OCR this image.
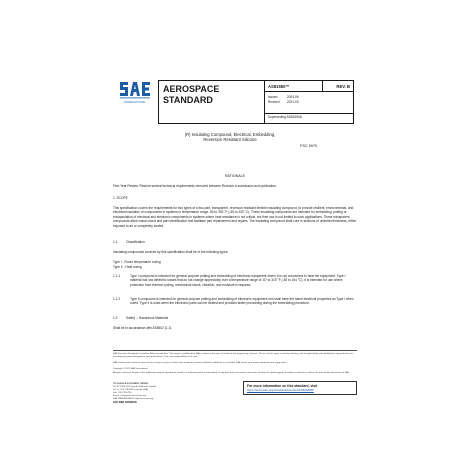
INTERNATIONAL
AEROSPACE
STANDARD
AS81550™	REV. B
Issued	2004-06
Revised 2021-03
Superseding AS81550A
(R) Insulating Compound, Electrical, Embedding,
Reversion Resistant Silicone
FSC 5970
RATIONALE
Five-Year Review. Restore several technical requirements removed between Revision A submission and publication.
1. SCOPE
This specification covers the requirements for two types of a two-part, transparent, reversion resistant flexible insulating compound, to provide resilient, environmental, and electrical insulation of components in systems in temperature range -80 to 392 °F (-65 to 200 °C). These insulating compounds are intended for embedding, potting or encapsulation of electrical and electronic components in systems where heat resistance is not critical, but their use is not limited to such applications. These transparent compounds allow visual circuit and part identification and facilitate part replacement and repairs. The insulating compound shall cure in sections of unlimited thickness, either exposed to air or completely sealed.
1.1	Classification
Insulating compounds covered by this specification shall be of the following types:
Type I - Room temperature curing
Type II - Heat curing
1.1.1	Type I compound is intended for general purpose potting and embedding of electronic equipment where it is not convenient to heat the equipment. Type I material has low dielectric losses that do not change appreciably over a temperature range of -67 to 315 °F (-55 to 154 °C). It is intended for use where protection from thermal cycling, mechanical shock, vibration, and moisture is required.
1.1.2	Type II compound is intended for general purpose potting and embedding of electronic equipment and shall have the same electrical properties as Type I when cured. Type II is used when the electronic parts can be heated and provides faster processing during the embedding procedure.
1.2	Safety -- Hazardous Materials
Shall be in accordance with AS5502 (1.1).
SAE Executive Standards Committee Rules provide that: "This report is published by SAE to advance the state of technical and engineering sciences. The use of this report is entirely voluntary, and its applicability and suitability for any particular use, including any patent infringement arising therefrom, is the sole responsibility of the user."
SAE reviews each technical report at least every five years at which time it may be revised, reaffirmed, stabilized, or cancelled. SAE invites your written comments and suggestions.
Copyright © 2021 SAE International
All rights reserved. No part of this publication may be reproduced, stored in a retrieval system or transmitted, in any form or by any means, electronic, mechanical, photocopying, recording, or otherwise, without the prior written permission of SAE.
TO PLACE A DOCUMENT ORDER:
Tel: 877-606-7323 (inside USA and Canada)
Tel: +1 724-776-4970 (outside USA)
Fax: 724-776-0790
Email: CustomerService@sae.org
SAE WEB ADDRESS: http://www.sae.org
For more information on this standard, visit
https://www.sae.org/standards/content/AS81550B/
SAE WEB ADDRESS:
